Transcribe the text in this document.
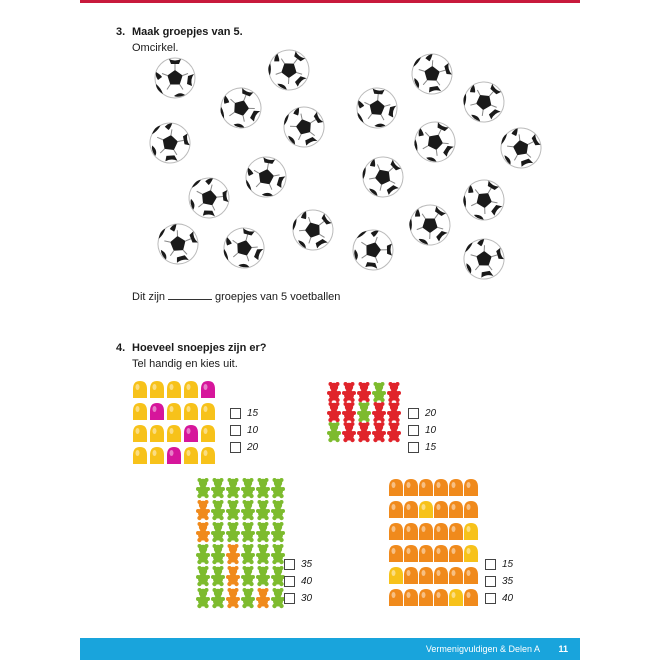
3. Maak groepjes van 5.
Omcirkel.
Dit zijn	groepjes van 5 voetballen
4. Hoeveel snoepjes zijn er?
Tel handig en kies uit.
15
10
20
20
10
15
35
40
30
15
35
40
Vermenigvuldigen & Delen A 11
